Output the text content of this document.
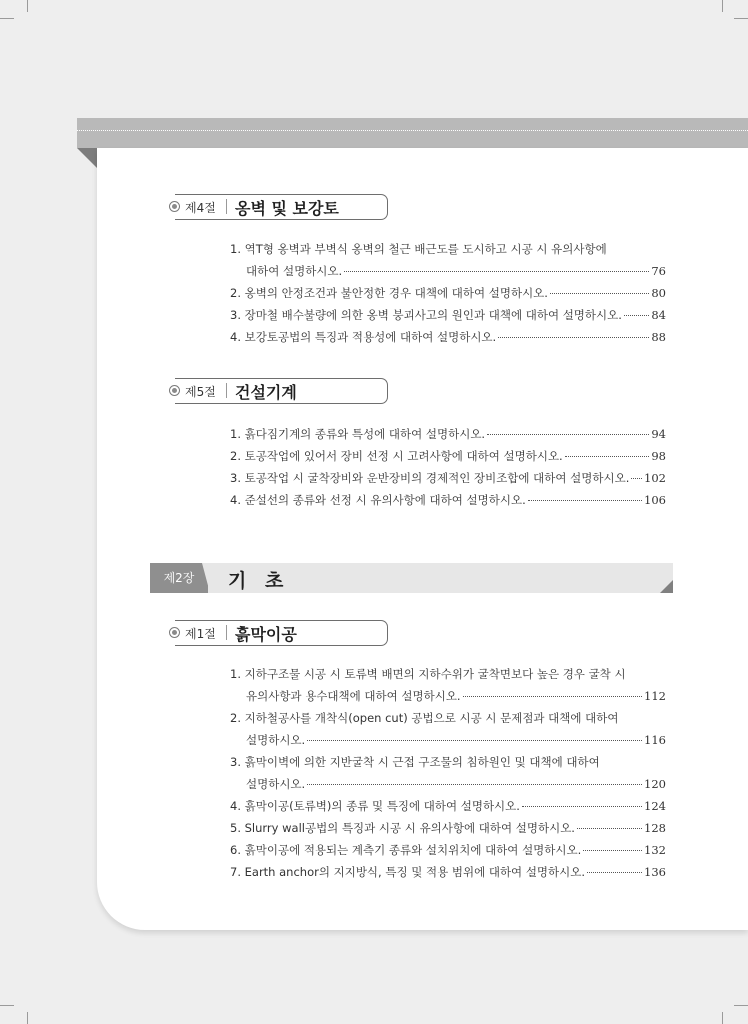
제4절 옹벽 및 보강토
1. 역T형 옹벽과 부벽식 옹벽의 철근 배근도를 도시하고 시공 시 유의사항에
대하여 설명하시오.	76
2. 옹벽의 안정조건과 불안정한 경우 대책에 대하여 설명하시오.	80
3. 장마철 배수불량에 의한 옹벽 붕괴사고의 원인과 대책에 대하여 설명하시오.	84
4. 보강토공법의 특징과 적용성에 대하여 설명하시오.	88
제5절 건설기계
1. 흙다짐기계의 종류와 특성에 대하여 설명하시오.	94
2. 토공작업에 있어서 장비 선정 시 고려사항에 대하여 설명하시오.	98
3. 토공작업 시 굴착장비와 운반장비의 경제적인 장비조합에 대하여 설명하시오. 102
4. 준설선의 종류와 선정 시 유의사항에 대하여 설명하시오.	106
제2장	기 초
제1절 흙막이공
1. 지하구조물 시공 시 토류벽 배면의 지하수위가 굴착면보다 높은 경우 굴착 시
유의사항과 용수대책에 대하여 설명하시오.	112
2. 지하철공사를 개착식(open cut) 공법으로 시공 시 문제점과 대책에 대하여
설명하시오.	116
3. 흙막이벽에 의한 지반굴착 시 근접 구조물의 침하원인 및 대책에 대하여
설명하시오.	120
4. 흙막이공(토류벽)의 종류 및 특징에 대하여 설명하시오.	124
5. Slurry wall공법의 특징과 시공 시 유의사항에 대하여 설명하시오.	128
6. 흙막이공에 적용되는 계측기 종류와 설치위치에 대하여 설명하시오.	132
7. Earth anchor의 지지방식, 특징 및 적용 범위에 대하여 설명하시오.	136
